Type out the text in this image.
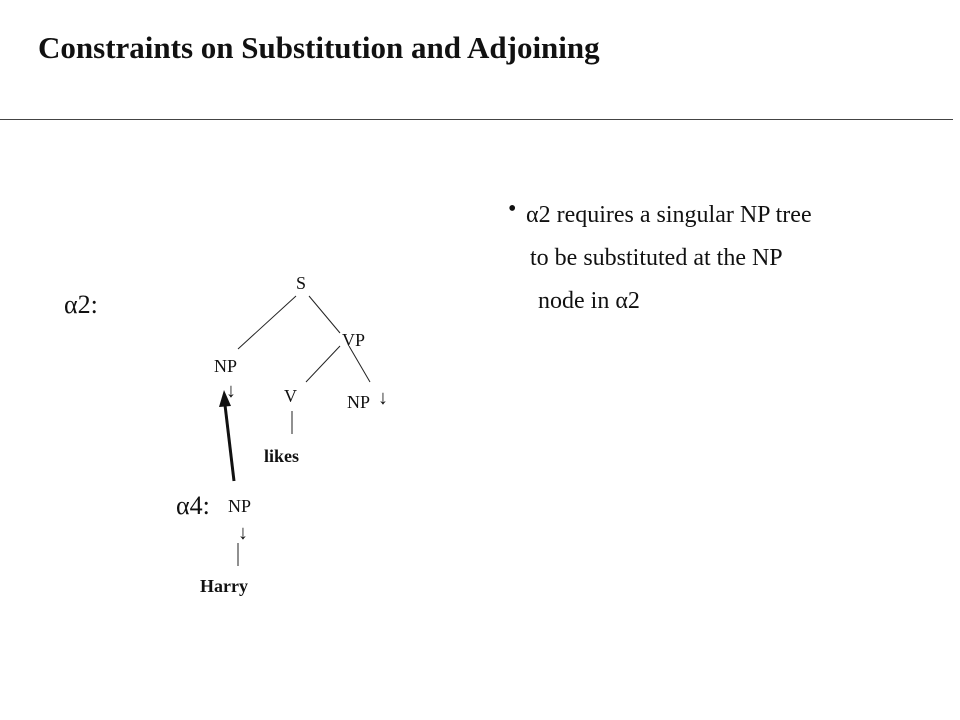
Constraints on Substitution and Adjoining
α2:
S
VP
NP
↓	V	NP ↓
likes
α4: NP
↓
Harry
• α2 requires a singular NP tree
to be substituted at the NP
node in α2
